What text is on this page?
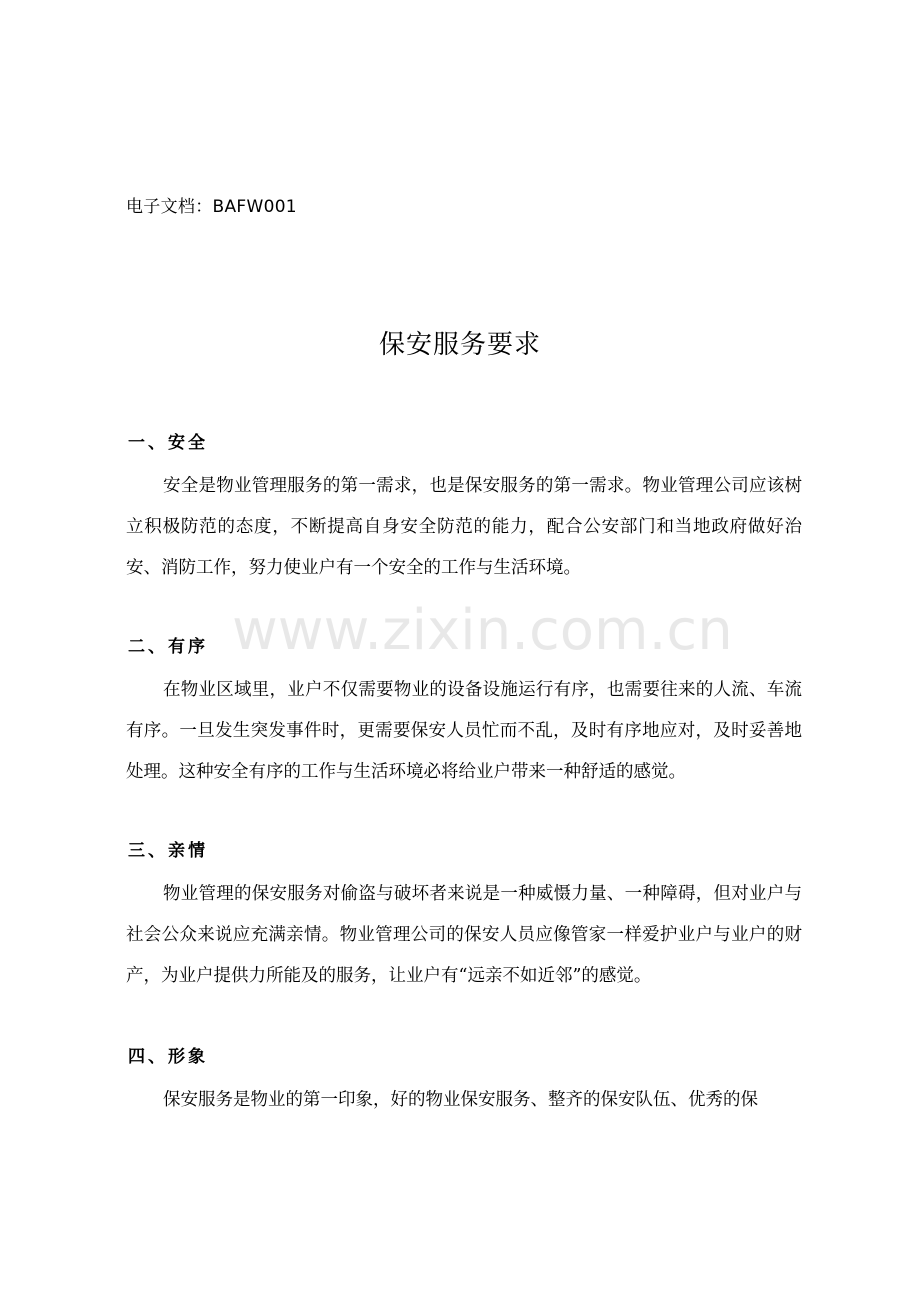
电子文档：BAFW001
保安服务要求
一、安全
安全是物业管理服务的第一需求，也是保安服务的第一需求。物业管理公司应该树立积极防范的态度，不断提高自身安全防范的能力，配合公安部门和当地政府做好治安、消防工作，努力使业户有一个安全的工作与生活环境。
二、有序
在物业区域里，业户不仅需要物业的设备设施运行有序，也需要往来的人流、车流有序。一旦发生突发事件时，更需要保安人员忙而不乱，及时有序地应对，及时妥善地处理。这种安全有序的工作与生活环境必将给业户带来一种舒适的感觉。
三、亲情
物业管理的保安服务对偷盗与破坏者来说是一种威慑力量、一种障碍，但对业户与社会公众来说应充满亲情。物业管理公司的保安人员应像管家一样爱护业户与业户的财产，为业户提供力所能及的服务，让业户有“远亲不如近邻”的感觉。
四、形象
保安服务是物业的第一印象，好的物业保安服务、整齐的保安队伍、优秀的保
www.zixin.com.cn
